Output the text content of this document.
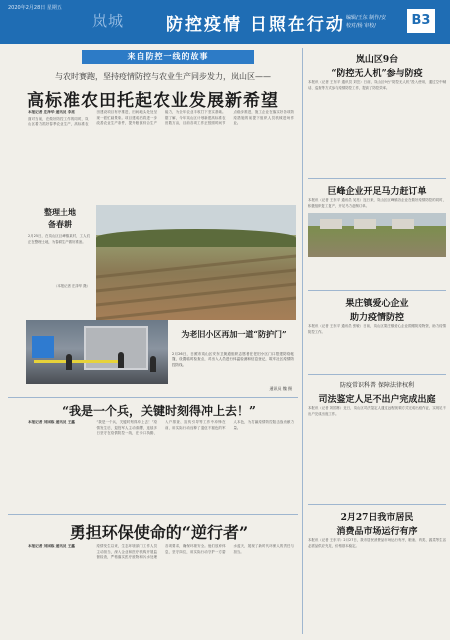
2020年2月28日 星期五
岚城 防控疫情 日照在行动 编辑/王东 制作/安
校对/杨 审校/	B3
来自防控一线的故事
与农时赛跑，坚持疫情防控与农业生产同步发力，岚山区——
高标准农田托起农业发展新希望
本报记者 庄泽华 通讯员 李亮
面对当前，在做好防控工作的同时，岚山区着力抓好春季农业生产，高标准农田建设项目有序推进，田间地头处处呈现一派忙碌景象。项目建成后将进一步改善农业生产条件，提升粮食综合生产能力，为全年农业丰收打下坚实基础。据了解，今年岚山区计划新建高标准农田数万亩，目前各项工作正按照时间节点稳步推进，施工企业在落实好各项防疫措施的前提下组织人员机械进场作业。
整理土地 备春耕
2月25日，在岚山区巨峰镇某村，工人们正在整理土地，为春耕生产做好准备。
（本报记者 庄泽华 摄）
为老旧小区再加一道“防护门”
2月26日，日照市岚山区安东卫街道组织志愿者在老旧小区门口搭建防疫帐篷，设置临时检查点，对出入人员进行体温检测和信息登记，筑牢社区疫情防控防线。
通讯员 魏 摄
“我是一个兵，关键时刻得冲上去！”
本报记者 刘国栋 通讯员 王鑫	“我是一个兵，关键时刻得冲上去！”疫情发生后，退役军人主动请缨，连续多日坚守在疫情防控一线，在卡口执勤、入户排查、宣传引导等工作中冲锋在前，用实际行动诠释了退伍不褪色的军人本色，为打赢疫情防控阻击战贡献力量。
勇担环保使命的“逆行者”
本报记者 刘国栋 通讯员 王鑫	疫情发生以来，生态环境部门工作人员主动担当，深入企业和医疗机构开展监督检查，严格落实医疗废物和污水处理各项要求，确保环境安全。他们放弃休息，坚守岗位，用实际行动守护一方碧水蓝天，展现了新时代环保人的责任与担当。
岚山区9台
“防控无人机”参与防疫
本报讯（记者 王东平 通讯员 刘芸）日前，岚山区9台“防控无人机”投入使用，通过空中喊话、巡查等方式参与疫情防控工作，提高了防控效率。
巨峰企业开足马力赶订单
本报讯（记者 王东平 通讯员 吴亮）连日来，岚山区巨峰镇各企业在做好疫情防控的同时，积极组织复工复产，开足马力赶制订单。
果庄镇爱心企业
助力疫情防控
本报讯（记者 王东平 通讯员 张敏）日前，岚山区果庄镇爱心企业捐赠防疫物资，助力疫情防控工作。
防疫常识科普 保障法律权利
司法鉴定人足不出户完成出庭
本报讯（记者 刘国栋）近日，岚山区司法鉴定人通过远程视频方式完成出庭作证，实现足不出户完成出庭工作。
2月27日我市居民
消费品市场运行有序
本报讯（记者 王东平）2月27日，我市居民消费品市场运行有序，粮油、肉类、蔬菜等生活必需品供应充足，价格基本稳定。
